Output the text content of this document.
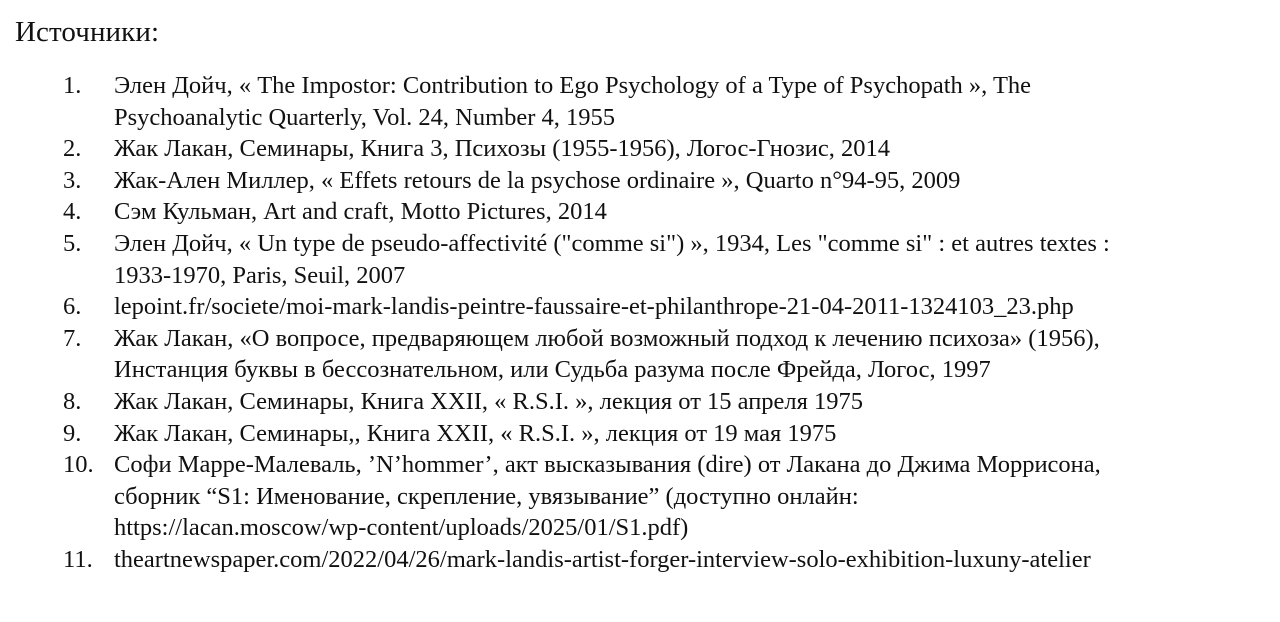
Источники:
1.	Элен Дойч, « The Impostor: Contribution to Ego Psychology of a Type of Psychopath », The
Psychoanalytic Quarterly, Vol. 24, Number 4, 1955
2.	Жак Лакан, Семинары, Книга 3, Психозы (1955-1956), Логос-Гнозис, 2014
3.	Жак-Ален Миллер, « Effets retours de la psychose ordinaire », Quarto n°94-95, 2009
4.	Сэм Кульман, Art and craft, Motto Pictures, 2014
5.	Элен Дойч, « Un type de pseudo-affectivité ("comme si") », 1934, Les "comme si" : et autres textes :
1933-1970, Paris, Seuil, 2007
6.	lepoint.fr/societe/moi-mark-landis-peintre-faussaire-et-philanthrope-21-04-2011-1324103_23.php
7.	Жак Лакан, «О вопросе, предваряющем любой возможный подход к лечению психоза» (1956),
Инстанция буквы в бессознательном, или Судьба разума после Фрейда, Логос, 1997
8.	Жак Лакан, Семинары, Книга XXII, « R.S.I. », лекция от 15 апреля 1975
9.	Жак Лакан, Семинары,, Книга XXII, « R.S.I. », лекция от 19 мая 1975
10. Софи Марре-Малеваль, ’N’hommer’, акт высказывания (dire) от Лакана до Джима Моррисона,
сборник “S1: Именование, скрепление, увязывание” (доступно онлайн:
https://lacan.moscow/wp-content/uploads/2025/01/S1.pdf)
11. theartnewspaper.com/2022/04/26/mark-landis-artist-forger-interview-solo-exhibition-luxuny-atelier
